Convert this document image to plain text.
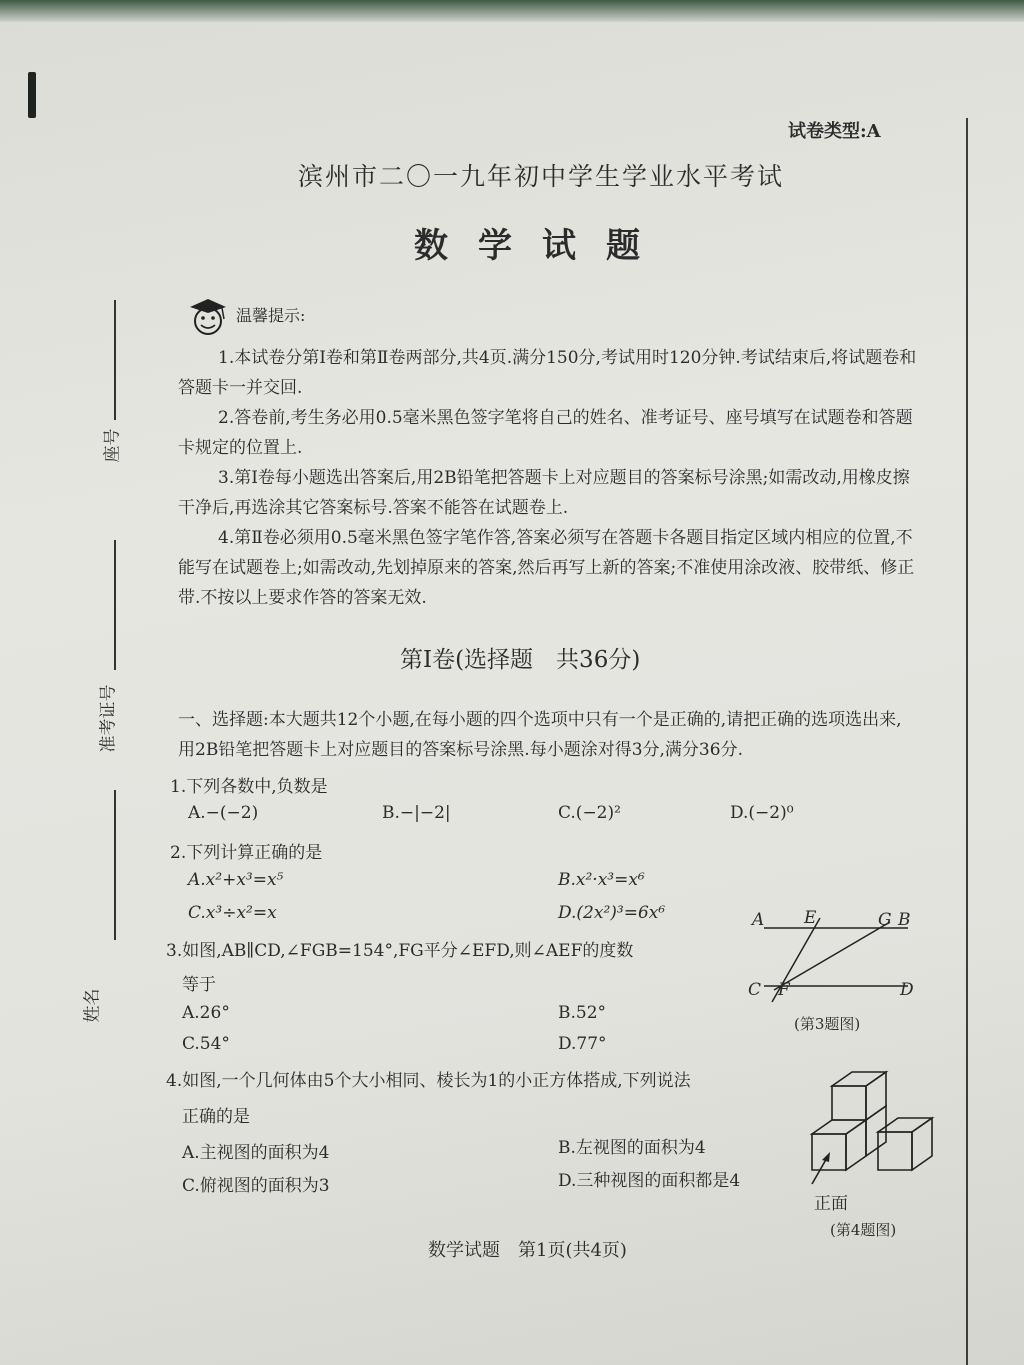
试卷类型:A
滨州市二〇一九年初中学生学业水平考试
数学试题
温馨提示:
1.本试卷分第Ⅰ卷和第Ⅱ卷两部分,共4页.满分150分,考试用时120分钟.考试结束后,将试题卷和答题卡一并交回.
2.答卷前,考生务必用0.5毫米黑色签字笔将自己的姓名、准考证号、座号填写在试题卷和答题卡规定的位置上.
3.第Ⅰ卷每小题选出答案后,用2B铅笔把答题卡上对应题目的答案标号涂黑;如需改动,用橡皮擦干净后,再选涂其它答案标号.答案不能答在试题卷上.
4.第Ⅱ卷必须用0.5毫米黑色签字笔作答,答案必须写在答题卡各题目指定区域内相应的位置,不能写在试题卷上;如需改动,先划掉原来的答案,然后再写上新的答案;不准使用涂改液、胶带纸、修正带.不按以上要求作答的答案无效.
座号
准考证号
姓名
第Ⅰ卷(选择题　共36分)
一、选择题:本大题共12个小题,在每小题的四个选项中只有一个是正确的,请把正确的选项选出来,用2B铅笔把答题卡上对应题目的答案标号涂黑.每小题涂对得3分,满分36分.
1.下列各数中,负数是
A.−(−2)	B.−|−2|	C.(−2)²	D.(−2)⁰
2.下列计算正确的是
A.x²+x³=x⁵	B.x²·x³=x⁶
C.x³÷x²=x	D.(2x²)³=6x⁶
3.如图,AB∥CD,∠FGB=154°,FG平分∠EFD,则∠AEF的度数
等于
A.26°	B.52°
C.54°	D.77°
A E	G B
C F	D
(第3题图)
4.如图,一个几何体由5个大小相同、棱长为1的小正方体搭成,下列说法
正确的是
A.主视图的面积为4	B.左视图的面积为4
C.俯视图的面积为3	D.三种视图的面积都是4
正面
(第4题图)
数学试题　第1页(共4页)
